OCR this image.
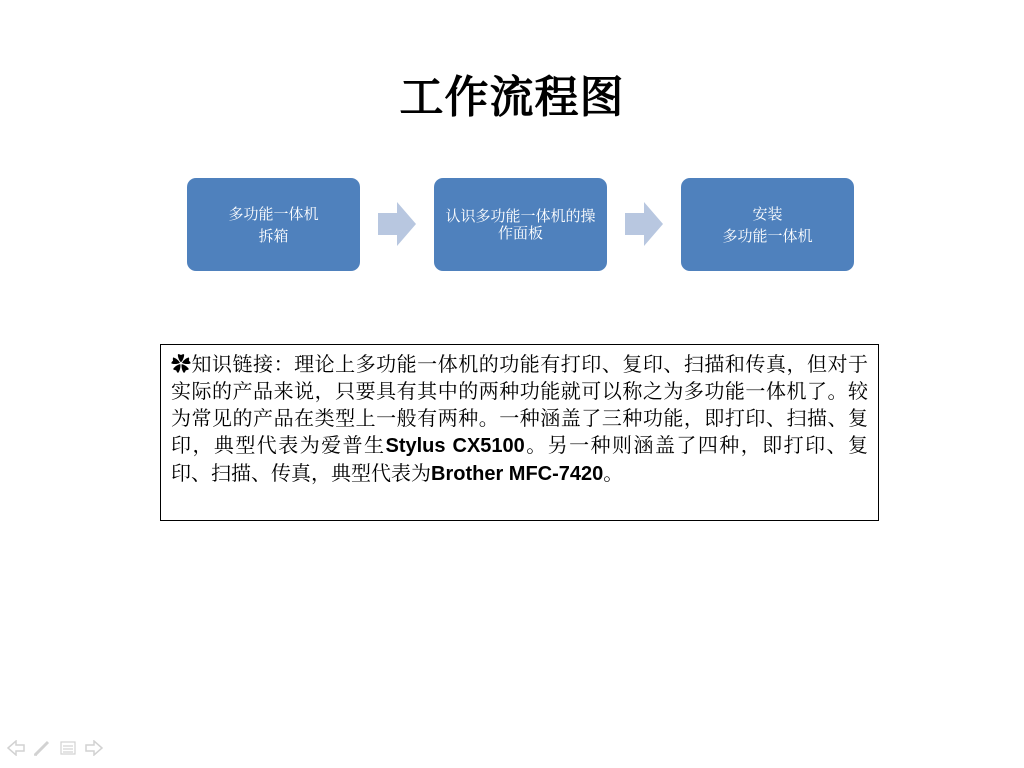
工作流程图
多功能一体机
拆箱
认识多功能一体机的操
作面板
安装
多功能一体机
✿知识链接：理论上多功能一体机的功能有打印、复印、扫描和传真，但对于实际的产品来说，只要具有其中的两种功能就可以称之为多功能一体机了。较为常见的产品在类型上一般有两种。一种涵盖了三种功能，即打印、扫描、复印，典型代表为爱普生Stylus CX5100。另一种则涵盖了四种，即打印、复印、扫描、传真，典型代表为Brother MFC-7420。
